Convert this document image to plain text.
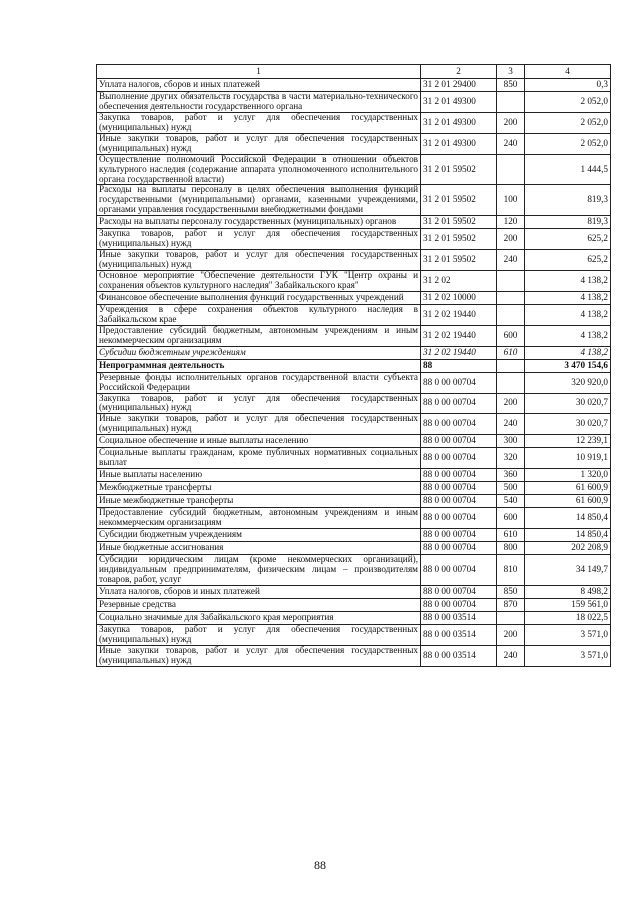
1	2	3	4
Уплата налогов, сборов и иных платежей	31 2 01 29400	850	0,3
Выполнение других обязательств государства в части материально-технического обеспечения деятельности государственного органа	31 2 01 49300		2 052,0
Закупка товаров, работ и услуг для обеспечения государственных (муниципальных) нужд	31 2 01 49300	200	2 052,0
Иные закупки товаров, работ и услуг для обеспечения государственных (муниципальных) нужд	31 2 01 49300	240	2 052,0
Осуществление полномочий Российской Федерации в отношении объектов культурного наследия (содержание аппарата уполномоченного исполнительного органа государственной власти)	31 2 01 59502		1 444,5
Расходы на выплаты персоналу в целях обеспечения выполнения функций государственными (муниципальными) органами, казенными учреждениями, органами управления государственными внебюджетными фондами	31 2 01 59502	100	819,3
Расходы на выплаты персоналу государственных (муниципальных) органов	31 2 01 59502	120	819,3
Закупка товаров, работ и услуг для обеспечения государственных (муниципальных) нужд	31 2 01 59502	200	625,2
Иные закупки товаров, работ и услуг для обеспечения государственных (муниципальных) нужд	31 2 01 59502	240	625,2
Основное мероприятие "Обеспечение деятельности ГУК "Центр охраны и сохранения объектов культурного наследия" Забайкальского края"	31 2 02		4 138,2
Финансовое обеспечение выполнения функций государственных учреждений	31 2 02 10000		4 138,2
Учреждения в сфере сохранения объектов культурного наследия в Забайкальском крае	31 2 02 19440		4 138,2
Предоставление субсидий бюджетным, автономным учреждениям и иным некоммерческим организациям	31 2 02 19440	600	4 138,2
Субсидии бюджетным учреждениям	31 2 02 19440	610	4 138,2
Непрограммная деятельность	88		3 470 154,6
Резервные фонды исполнительных органов государственной власти субъекта Российской Федерации	88 0 00 00704		320 920,0
Закупка товаров, работ и услуг для обеспечения государственных (муниципальных) нужд	88 0 00 00704	200	30 020,7
Иные закупки товаров, работ и услуг для обеспечения государственных (муниципальных) нужд	88 0 00 00704	240	30 020,7
Социальное обеспечение и иные выплаты населению	88 0 00 00704	300	12 239,1
Социальные выплаты гражданам, кроме публичных нормативных социальных выплат	88 0 00 00704	320	10 919,1
Иные выплаты населению	88 0 00 00704	360	1 320,0
Межбюджетные трансферты	88 0 00 00704	500	61 600,9
Иные межбюджетные трансферты	88 0 00 00704	540	61 600,9
Предоставление субсидий бюджетным, автономным учреждениям и иным некоммерческим организациям	88 0 00 00704	600	14 850,4
Субсидии бюджетным учреждениям	88 0 00 00704	610	14 850,4
Иные бюджетные ассигнования	88 0 00 00704	800	202 208,9
Субсидии юридическим лицам (кроме некоммерческих организаций), индивидуальным предпринимателям, физическим лицам – производителям товаров, работ, услуг	88 0 00 00704	810	34 149,7
Уплата налогов, сборов и иных платежей	88 0 00 00704	850	8 498,2
Резервные средства	88 0 00 00704	870	159 561,0
Социально значимые для Забайкальского края мероприятия	88 0 00 03514		18 022,5
Закупка товаров, работ и услуг для обеспечения государственных (муниципальных) нужд	88 0 00 03514	200	3 571,0
Иные закупки товаров, работ и услуг для обеспечения государственных (муниципальных) нужд	88 0 00 03514	240	3 571,0
88
